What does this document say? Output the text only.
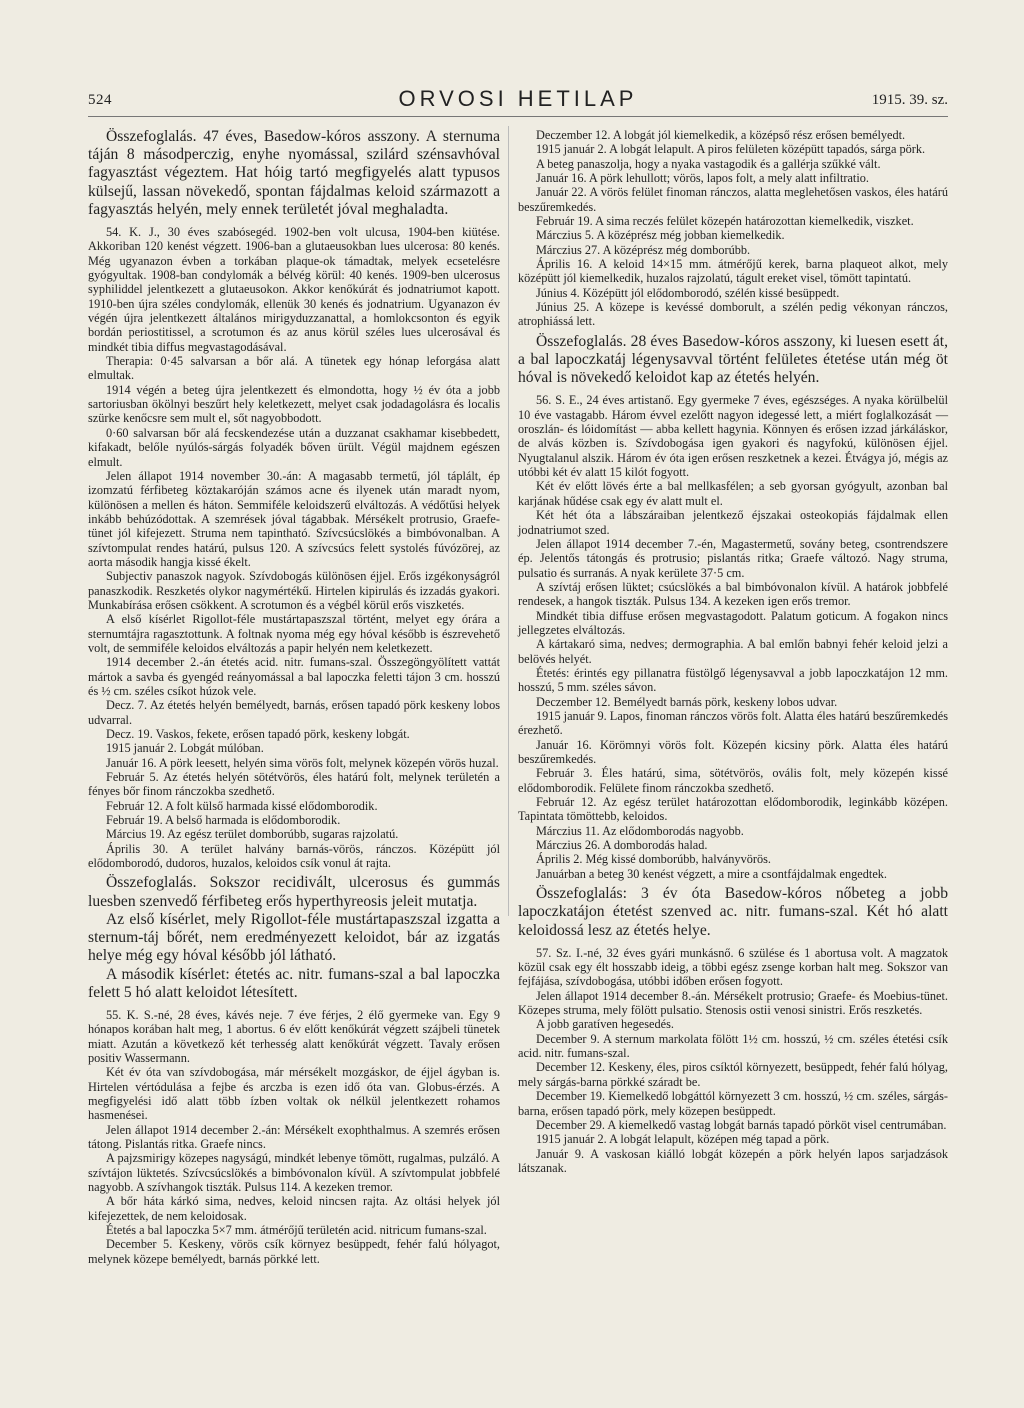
524	ORVOSI HETILAP	1915. 39. sz.

Összefoglalás. 47 éves, Basedow-kóros asszony. A sternuma táján 8 másodperczig, enyhe nyomással, szilárd szénsavhóval fagyasztást végeztem. Hat hóig tartó megfigyelés alatt typusos külsejű, lassan növekedő, spontan fájdalmas keloid származott a fagyasztás helyén, mely ennek területét jóval meghaladta.

54. K. J., 30 éves szabósegéd. 1902-ben volt ulcusa, 1904-ben kiütése. Akkoriban 120 kenést végzett. 1906-ban a glutaeusokban lues ulcerosa: 80 kenés. Még ugyanazon évben a torkában plaque-ok támadtak, melyek ecsetelésre gyógyultak. 1908-ban condylomák a bélvég körül: 40 kenés. 1909-ben ulcerosus syphiliddel jelentkezett a glutaeusokon. Akkor kenőkúrát és jodnatriumot kapott. 1910-ben újra széles condylomák, ellenük 30 kenés és jodnatrium. Ugyanazon év végén újra jelentkezett általános mirigyduzzanattal, a homlokcsonton és egyik bordán periostitissel, a scrotumon és az anus körül széles lues ulcerosával és mindkét tibia diffus megvastagodásával.

Therapia: 0·45 salvarsan a bőr alá. A tünetek egy hónap leforgása alatt elmultak.

1914 végén a beteg újra jelentkezett és elmondotta, hogy ½ év óta a jobb sartoriusban ökölnyi beszűrt hely keletkezett, melyet csak jodadagolásra és localis szürke kenőcsre sem mult el, sőt nagyobbodott.

0·60 salvarsan bőr alá fecskendezése után a duzzanat csakhamar kisebbedett, kifakadt, belőle nyúlós-sárgás folyadék bőven ürült. Végül majdnem egészen elmult.

Jelen állapot 1914 november 30.-án: A magasabb termetű, jól táplált, ép izomzatú férfibeteg köztakaróján számos acne és ilyenek után maradt nyom, különösen a mellen és háton. Semmiféle keloidszerű elváltozás. A védőtűsi helyek inkább behúzódottak. A szemrések jóval tágabbak. Mérsékelt protrusio, Graefe-tünet jól kifejezett. Struma nem tapintható. Szívcsúcslökés a bimbóvonalban. A szívtompulat rendes határú, pulsus 120. A szívcsúcs felett systolés fúvózörej, az aorta második hangja kissé ékelt.

Subjectiv panaszok nagyok. Szívdobogás különösen éjjel. Erős izgékonyságról panaszkodik. Reszketés olykor nagymértékű. Hirtelen kipirulás és izzadás gyakori. Munkabírása erősen csökkent. A scrotumon és a végbél körül erős viszketés.

A első kísérlet Rigollot-féle mustártapaszszal történt, melyet egy órára a sternumtájra ragasztottunk. A foltnak nyoma még egy hóval később is észrevehető volt, de semmiféle keloidos elváltozás a papir helyén nem keletkezett.

1914 december 2.-án étetés acid. nitr. fumans-szal. Összegöngyölített vattát mártok a savba és gyengéd reányomással a bal lapoczka feletti tájon 3 cm. hosszú és ½ cm. széles csíkot húzok vele.

Decz. 7. Az étetés helyén bemélyedt, barnás, erősen tapadó pörk keskeny lobos udvarral.

Decz. 19. Vaskos, fekete, erősen tapadó pörk, keskeny lobgát.

1915 január 2. Lobgát múlóban.

Január 16. A pörk leesett, helyén sima vörös folt, melynek közepén vörös huzal.

Február 5. Az étetés helyén sötétvörös, éles határú folt, melynek területén a fényes bőr finom ránczokba szedhető.

Február 12. A folt külső harmada kissé elődomborodik.

Február 19. A belső harmada is elődomborodik.

Március 19. Az egész terület domborúbb, sugaras rajzolatú.

Április 30. A terület halvány barnás-vörös, ránczos. Középütt jól elődomborodó, dudoros, huzalos, keloidos csík vonul át rajta.

Összefoglalás. Sokszor recidivált, ulcerosus és gummás luesben szenvedő férfibeteg erős hyperthyreosis jeleit mutatja.

Az első kísérlet, mely Rigollot-féle mustártapaszszal izgatta a sternum-táj bőrét, nem eredményezett keloidot, bár az izgatás helye még egy hóval később jól látható.

A második kísérlet: étetés ac. nitr. fumans-szal a bal lapoczka felett 5 hó alatt keloidot létesített.

55. K. S.-né, 28 éves, kávés neje. 7 éve férjes, 2 élő gyermeke van. Egy 9 hónapos korában halt meg, 1 abortus. 6 év előtt kenőkúrát végzett szájbeli tünetek miatt. Azután a következő két terhesség alatt kenőkúrát végzett. Tavaly erősen positiv Wassermann.

Két év óta van szívdobogása, már mérsékelt mozgáskor, de éjjel ágyban is. Hirtelen vértódulása a fejbe és arczba is ezen idő óta van. Globus-érzés. A megfigyelési idő alatt több ízben voltak ok nélkül jelentkezett rohamos hasmenései.

Jelen állapot 1914 december 2.-án: Mérsékelt exophthalmus. A szemrés erősen tátong. Pislantás ritka. Graefe nincs.

A pajzsmirigy közepes nagyságú, mindkét lebenye tömött, rugalmas, pulzáló. A szívtájon lüktetés. Szívcsúcslökés a bimbóvonalon kívül. A szívtompulat jobbfelé nagyobb. A szívhangok tiszták. Pulsus 114. A kezeken tremor.

A bőr háta kárkó sima, nedves, keloid nincsen rajta. Az oltási helyek jól kifejezettek, de nem keloidosak.

Étetés a bal lapoczka 5×7 mm. átmérőjű területén acid. nitricum fumans-szal.

December 5. Keskeny, vörös csík környez besüppedt, fehér falú hólyagot, melynek közepe bemélyedt, barnás pörkké lett.

Deczember 12. A lobgát jól kiemelkedik, a középső rész erősen bemélyedt.

1915 január 2. A lobgát lelapult. A piros felületen középütt tapadós, sárga pörk.

A beteg panaszolja, hogy a nyaka vastagodik és a gallérja szűkké vált.

Január 16. A pörk lehullott; vörös, lapos folt, a mely alatt infiltratio.

Január 22. A vörös felület finoman ránczos, alatta meglehetősen vaskos, éles határú beszűremkedés.

Február 19. A sima reczés felület közepén határozottan kiemelkedik, viszket.

Márczius 5. A középrész még jobban kiemelkedik.

Márczius 27. A középrész még domborúbb.

Április 16. A keloid 14×15 mm. átmérőjű kerek, barna plaqueot alkot, mely középütt jól kiemelkedik, huzalos rajzolatú, tágult ereket visel, tömött tapintatú.

Június 4. Középütt jól elődomborodó, szélén kissé besüppedt.

Június 25. A közepe is kevéssé domborult, a szélén pedig vékonyan ránczos, atrophiássá lett.

Összefoglalás. 28 éves Basedow-kóros asszony, ki luesen esett át, a bal lapoczkatáj légenysavval történt felületes étetése után még öt hóval is növekedő keloidot kap az étetés helyén.

56. S. E., 24 éves artistanő. Egy gyermeke 7 éves, egészséges. A nyaka körülbelül 10 éve vastagabb. Három évvel ezelőtt nagyon idegessé lett, a miért foglalkozását — oroszlán- és lóidomítást — abba kellett hagynia. Könnyen és erősen izzad járkáláskor, de alvás közben is. Szívdobogása igen gyakori és nagyfokú, különösen éjjel. Nyugtalanul alszik. Három év óta igen erősen reszketnek a kezei. Étvágya jó, mégis az utóbbi két év alatt 15 kilót fogyott.

Két év előtt lövés érte a bal mellkasfélen; a seb gyorsan gyógyult, azonban bal karjának hűdése csak egy év alatt mult el.

Két hét óta a lábszáraiban jelentkező éjszakai osteokopiás fájdalmak ellen jodnatriumot szed.

Jelen állapot 1914 december 7.-én, Magastermetű, sovány beteg, csontrendszere ép. Jelentős tátongás és protrusio; pislantás ritka; Graefe változó. Nagy struma, pulsatio és surranás. A nyak kerülete 37·5 cm.

A szívtáj erősen lüktet; csúcslökés a bal bimbóvonalon kívül. A határok jobbfelé rendesek, a hangok tiszták. Pulsus 134. A kezeken igen erős tremor.

Mindkét tibia diffuse erősen megvastagodott. Palatum goticum. A fogakon nincs jellegzetes elváltozás.

A kártakaró sima, nedves; dermographia. A bal emlőn babnyi fehér keloid jelzi a belövés helyét.

Étetés: érintés egy pillanatra füstölgő légenysavval a jobb lapoczkatájon 12 mm. hosszú, 5 mm. széles sávon.

Deczember 12. Bemélyedt barnás pörk, keskeny lobos udvar.

1915 január 9. Lapos, finoman ránczos vörös folt. Alatta éles határú beszűremkedés érezhető.

Január 16. Körömnyi vörös folt. Közepén kicsiny pörk. Alatta éles határú beszűremkedés.

Február 3. Éles határú, sima, sötétvörös, ovális folt, mely közepén kissé elődomborodik. Felülete finom ránczokba szedhető.

Február 12. Az egész terület határozottan elődomborodik, leginkább középen. Tapintata tömöttebb, keloidos.

Márczius 11. Az elődomborodás nagyobb.

Márczius 26. A domborodás halad.

Április 2. Még kissé domborúbb, halványvörös.

Januárban a beteg 30 kenést végzett, a mire a csontfájdalmak engedtek.

Összefoglalás: 3 év óta Basedow-kóros nőbeteg a jobb lapoczkatájon étetést szenved ac. nitr. fumans-szal. Két hó alatt keloidossá lesz az étetés helye.

57. Sz. I.-né, 32 éves gyári munkásnő. 6 szülése és 1 abortusa volt. A magzatok közül csak egy élt hosszabb ideig, a többi egész zsenge korban halt meg. Sokszor van fejfájása, szívdobogása, utóbbi időben erősen fogyott.

Jelen állapot 1914 december 8.-án. Mérsékelt protrusio; Graefe- és Moebius-tünet. Közepes struma, mely fölött pulsatio. Stenosis ostii venosi sinistri. Erős reszketés.

A jobb garatíven hegesedés.

December 9. A sternum markolata fölött 1½ cm. hosszú, ½ cm. széles étetési csík acid. nitr. fumans-szal.

December 12. Keskeny, éles, piros csíktól környezett, besüppedt, fehér falú hólyag, mely sárgás-barna pörkké száradt be.

December 19. Kiemelkedő lobgáttól környezett 3 cm. hosszú, ½ cm. széles, sárgás-barna, erősen tapadó pörk, mely közepen besüppedt.

December 29. A kiemelkedő vastag lobgát barnás tapadó pörköt visel centrumában.

1915 január 2. A lobgát lelapult, középen még tapad a pörk.

Január 9. A vaskosan kiálló lobgát közepén a pörk helyén lapos sarjadzások látszanak.
